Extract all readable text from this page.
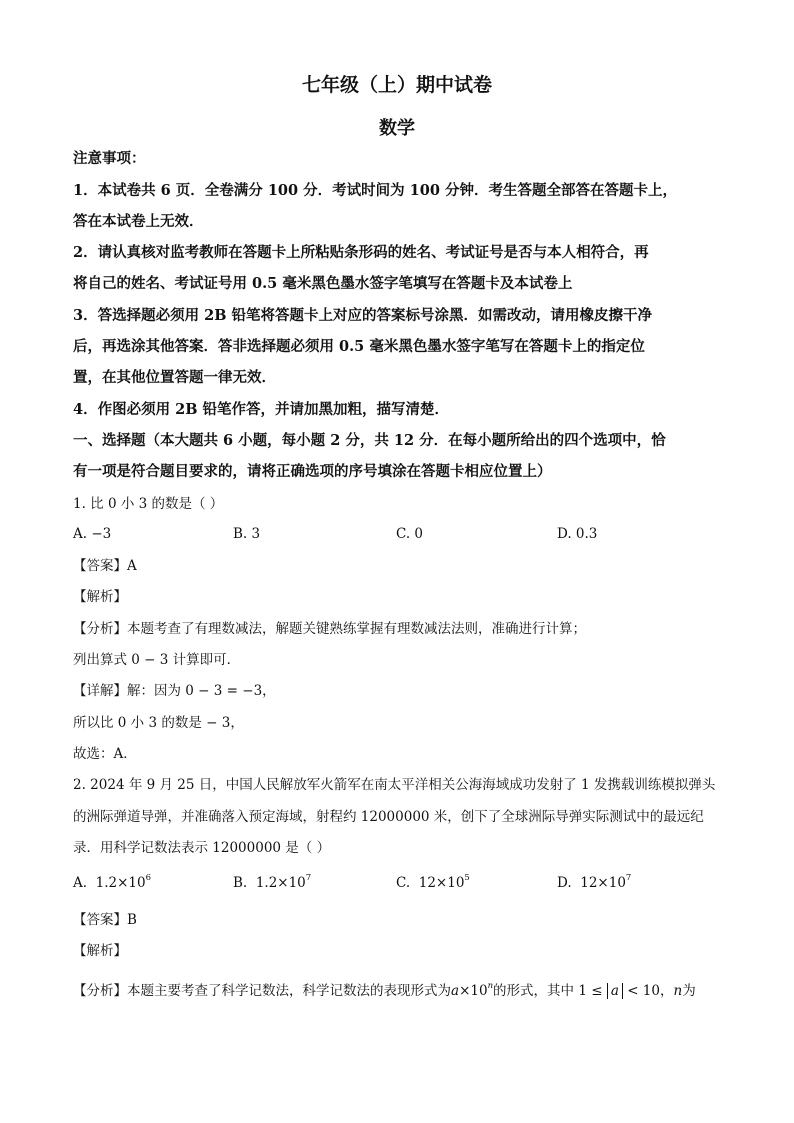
七年级（上）期中试卷
数学
注意事项：
1．本试卷共 6 页．全卷满分 100 分．考试时间为 100 分钟．考生答题全部答在答题卡上，
答在本试卷上无效．
2．请认真核对监考教师在答题卡上所粘贴条形码的姓名、考试证号是否与本人相符合，再
将自己的姓名、考试证号用 0.5 毫米黑色墨水签字笔填写在答题卡及本试卷上
3．答选择题必须用 2B 铅笔将答题卡上对应的答案标号涂黑．如需改动，请用橡皮擦干净
后，再选涂其他答案．答非选择题必须用 0.5 毫米黑色墨水签字笔写在答题卡上的指定位
置，在其他位置答题一律无效．
4．作图必须用 2B 铅笔作答，并请加黑加粗，描写清楚．
一、选择题（本大题共 6 小题，每小题 2 分，共 12 分．在每小题所给出的四个选项中，恰
有一项是符合题目要求的，请将正确选项的序号填涂在答题卡相应位置上）
1. 比 0 小 3 的数是（ ）
A. −3	B. 3	C. 0	D. 0.3
【答案】A
【解析】
【分析】本题考查了有理数减法，解题关键熟练掌握有理数减法法则，准确进行计算；
列出算式 0 − 3 计算即可．
【详解】解：因为 0 − 3 = −3，
所以比 0 小 3 的数是 − 3，
故选：A．
2. 2024 年 9 月 25 日，中国人民解放军火箭军在南太平洋相关公海海域成功发射了 1 发携载训练模拟弹头
的洲际弹道导弹，并准确落入预定海域，射程约 12000000 米，创下了全球洲际导弹实际测试中的最远纪
录．用科学记数法表示 12000000 是（ ）
A. $1.2\times 10^6$	B. $1.2\times 10^7$	C. $12\times 10^5$	D. $12\times 10^7$
【答案】B
【解析】
【分析】本题主要考查了科学记数法，科学记数法的表现形式为$a\times 10^n$的形式，其中 1 ≤ a < 10，n为
